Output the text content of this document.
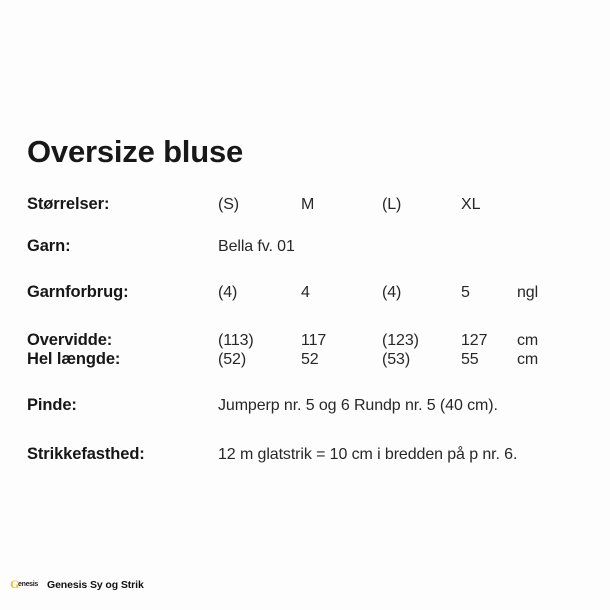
Oversize bluse
Størrelser:	(S)	M	(L)	XL
Garn:	Bella fv. 01
Garnforbrug:	(4)	4	(4)	5	ngl
Overvidde:	(113)	117	(123)	127 cm
Hel længde:	(52)	52	(53)	55 cm
Pinde:	Jumperp nr. 5 og 6 Rundp nr. 5 (40 cm).
Strikkefasthed:	12 m glatstrik = 10 cm i bredden på p nr. 6.
G
enesis Genesis Sy og Strik
